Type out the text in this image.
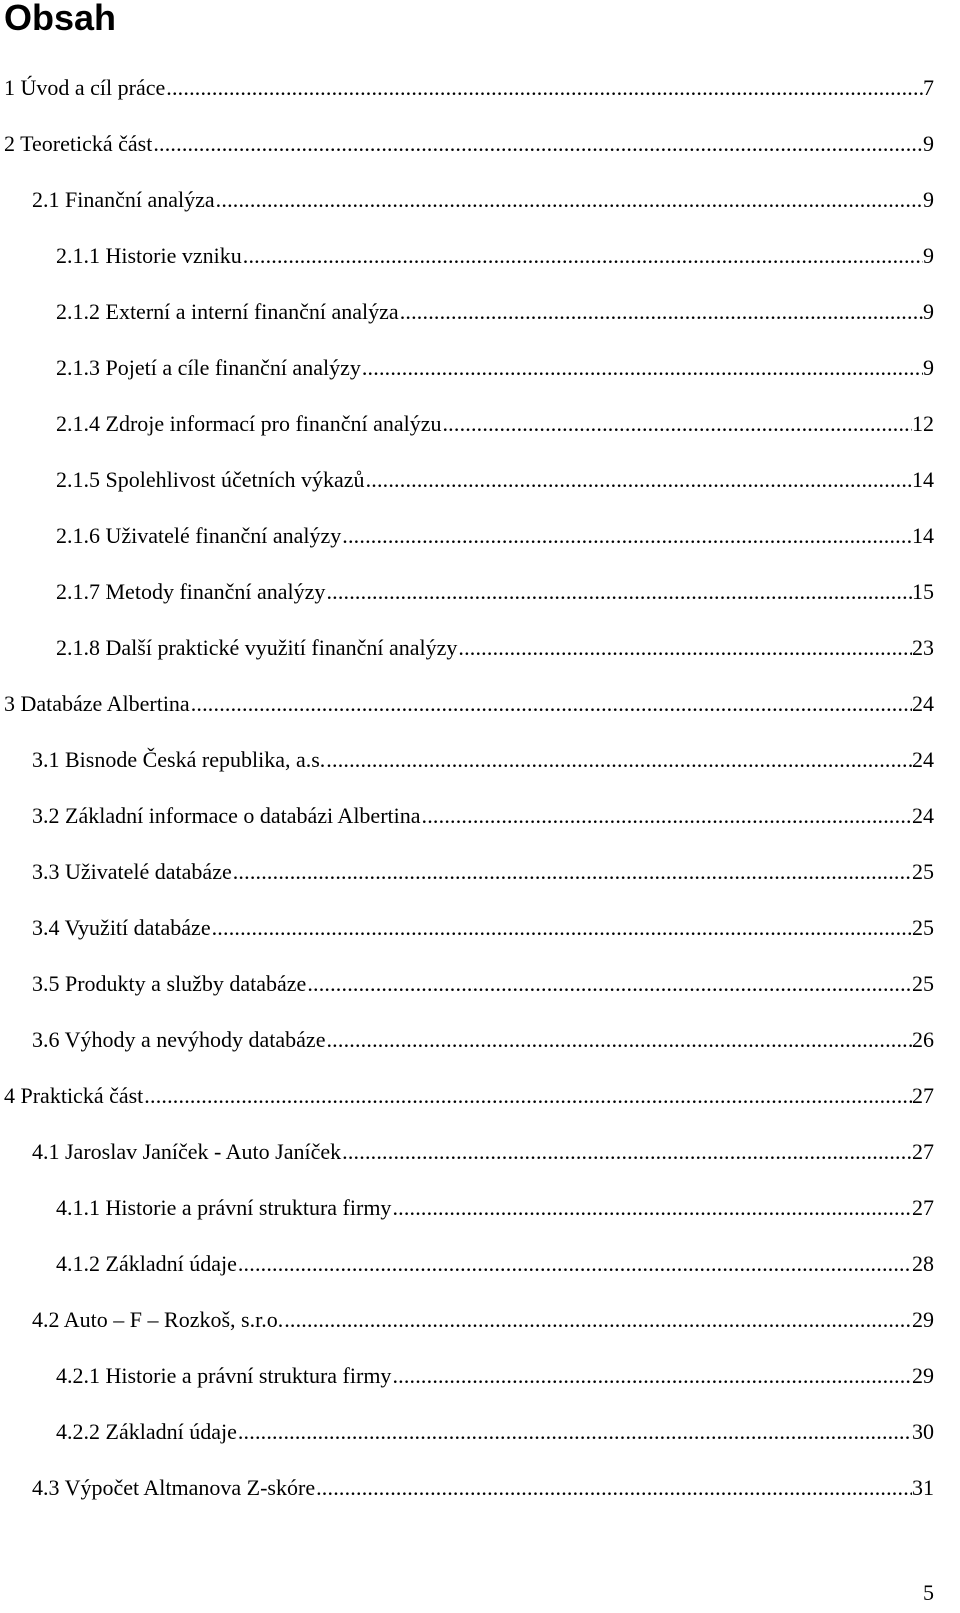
Obsah
1 Úvod a cíl práce .....	7
2 Teoretická část .....	9
2.1 Finanční analýza .....	9
2.1.1 Historie vzniku .....	9
2.1.2 Externí a interní finanční analýza .....	9
2.1.3 Pojetí a cíle finanční analýzy .....	9
2.1.4 Zdroje informací pro finanční analýzu .....	12
2.1.5 Spolehlivost účetních výkazů .....	14
2.1.6 Uživatelé finanční analýzy .....	14
2.1.7 Metody finanční analýzy .....	15
2.1.8 Další praktické využití finanční analýzy .....	23
3 Databáze Albertina .....	24
3.1 Bisnode Česká republika, a.s. .....	24
3.2 Základní informace o databázi Albertina .....	24
3.3 Uživatelé databáze .....	25
3.4 Využití databáze .....	25
3.5 Produkty a služby databáze .....	25
3.6 Výhody a nevýhody databáze .....	26
4 Praktická část .....	27
4.1 Jaroslav Janíček - Auto Janíček .....	27
4.1.1 Historie a právní struktura firmy .....	27
4.1.2 Základní údaje .....	28
4.2 Auto – F – Rozkoš, s.r.o. .....	29
4.2.1 Historie a právní struktura firmy .....	29
4.2.2 Základní údaje .....	30
4.3 Výpočet Altmanova Z-skóre .....	31
5
